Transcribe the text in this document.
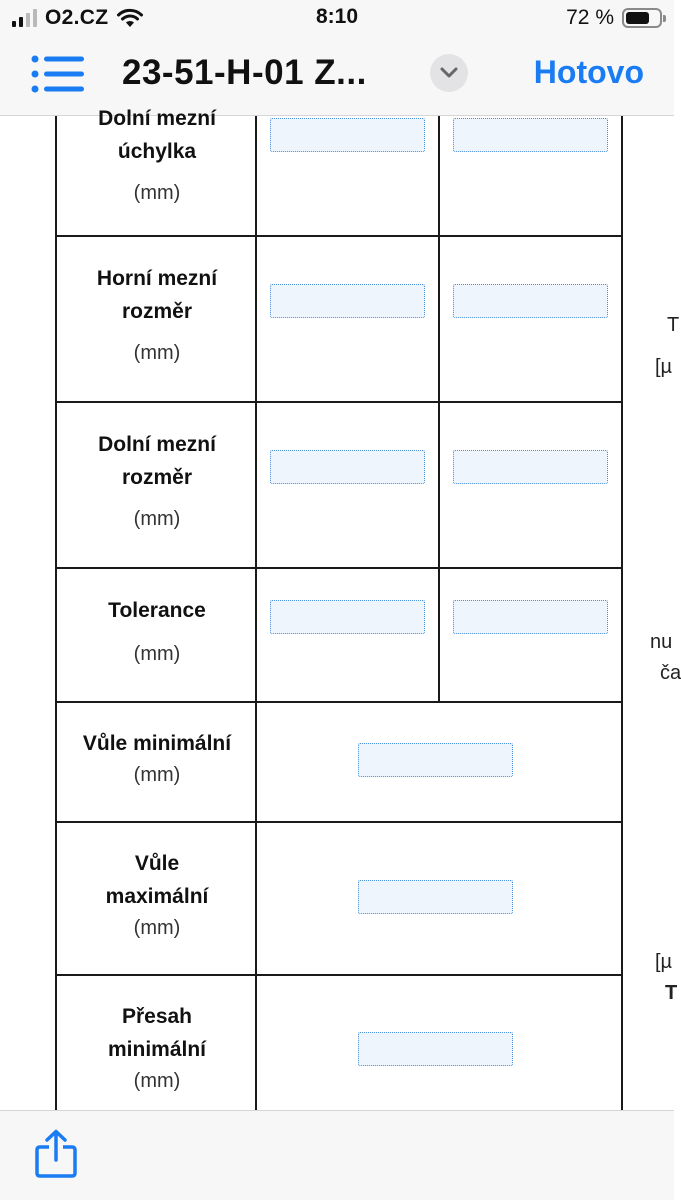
O2.CZ	8:10	72 %
23-51-H-01 Z...	Hotovo
Dolní mezní
úchylka
(mm)
Horní mezní
rozměr
(mm)
Dolní mezní
rozměr
(mm)
Tolerance
(mm)
Vůle minimální
(mm)
Vůle
maximální
(mm)
Přesah
minimální
(mm)
T
[µ
nu
ča
[µ
T
